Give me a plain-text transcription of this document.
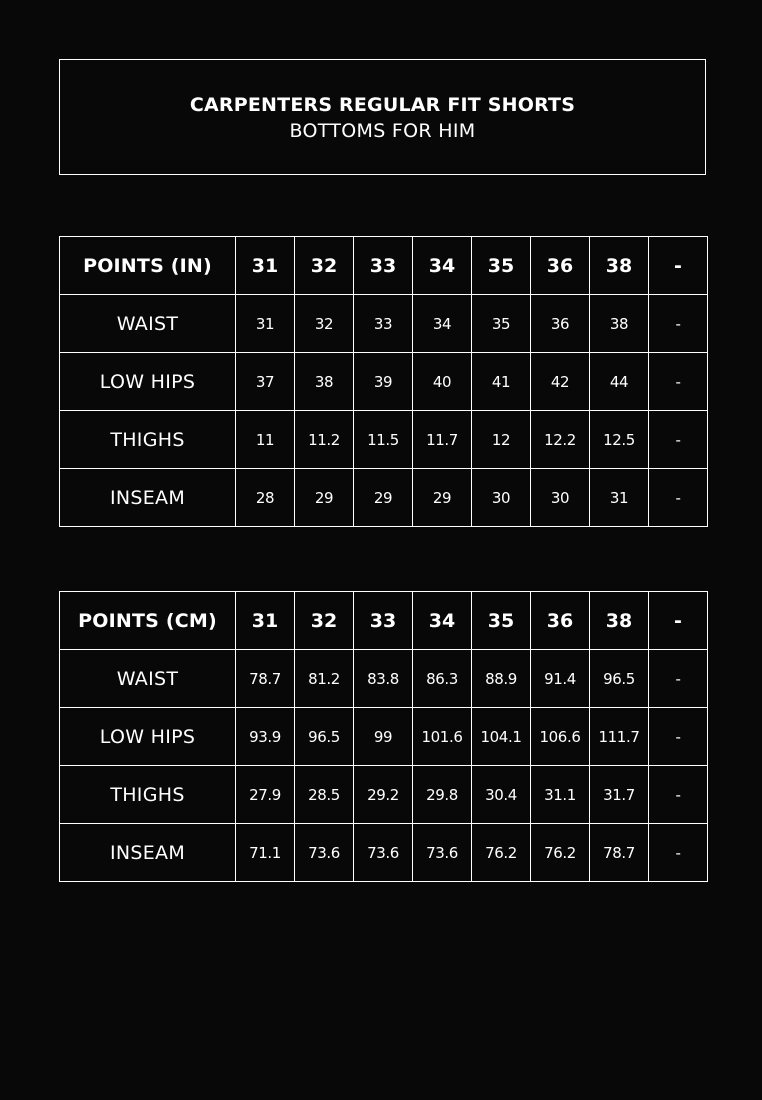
CARPENTERS REGULAR FIT SHORTS
BOTTOMS FOR HIM
POINTS (IN)	31	32	33	34	35	36	38	-
WAIST	31	32	33	34	35	36	38	-
LOW HIPS	37	38	39	40	41	42	44	-
THIGHS	11	11.2	11.5	11.7	12	12.2	12.5	-
INSEAM	28	29	29	29	30	30	31	-
POINTS (CM)	31	32	33	34	35	36	38	-
WAIST	78.7	81.2	83.8	86.3	88.9	91.4	96.5	-
LOW HIPS	93.9	96.5	99	101.6	104.1	106.6	111.7	-
THIGHS	27.9	28.5	29.2	29.8	30.4	31.1	31.7	-
INSEAM	71.1	73.6	73.6	73.6	76.2	76.2	78.7	-
